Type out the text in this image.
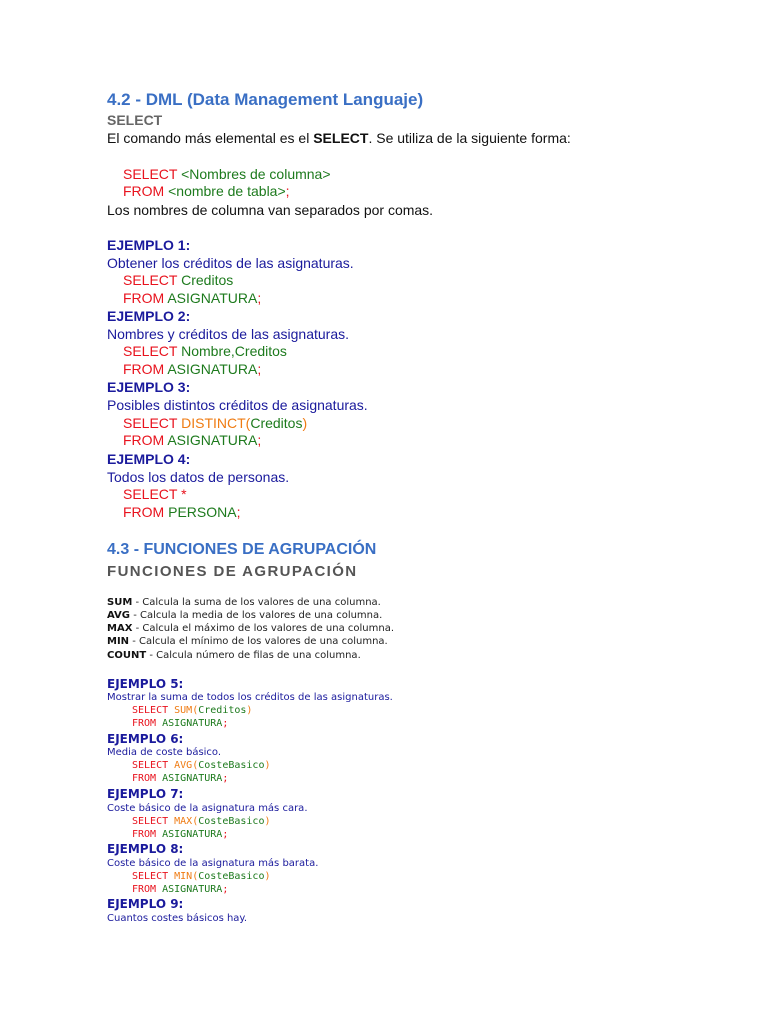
4.2 - DML (Data Management Languaje)
SELECT
El comando más elemental es el SELECT. Se utiliza de la siguiente forma:
SELECT <Nombres de columna>
FROM <nombre de tabla>;
Los nombres de columna van separados por comas.
EJEMPLO 1:
Obtener los créditos de las asignaturas.
SELECT Creditos
FROM ASIGNATURA;
EJEMPLO 2:
Nombres y créditos de las asignaturas.
SELECT Nombre,Creditos
FROM ASIGNATURA;
EJEMPLO 3:
Posibles distintos créditos de asignaturas.
SELECT DISTINCT(Creditos)
FROM ASIGNATURA;
EJEMPLO 4:
Todos los datos de personas.
SELECT *
FROM PERSONA;
4.3 - FUNCIONES DE AGRUPACIÓN
FUNCIONES DE AGRUPACIÓN
SUM - Calcula la suma de los valores de una columna.
AVG - Calcula la media de los valores de una columna.
MAX - Calcula el máximo de los valores de una columna.
MIN - Calcula el mínimo de los valores de una columna.
COUNT - Calcula número de filas de una columna.
EJEMPLO 5:
Mostrar la suma de todos los créditos de las asignaturas.
SELECT SUM(Creditos)
FROM ASIGNATURA;
EJEMPLO 6:
Media de coste básico.
SELECT AVG(CosteBasico)
FROM ASIGNATURA;
EJEMPLO 7:
Coste básico de la asignatura más cara.
SELECT MAX(CosteBasico)
FROM ASIGNATURA;
EJEMPLO 8:
Coste básico de la asignatura más barata.
SELECT MIN(CosteBasico)
FROM ASIGNATURA;
EJEMPLO 9:
Cuantos costes básicos hay.
